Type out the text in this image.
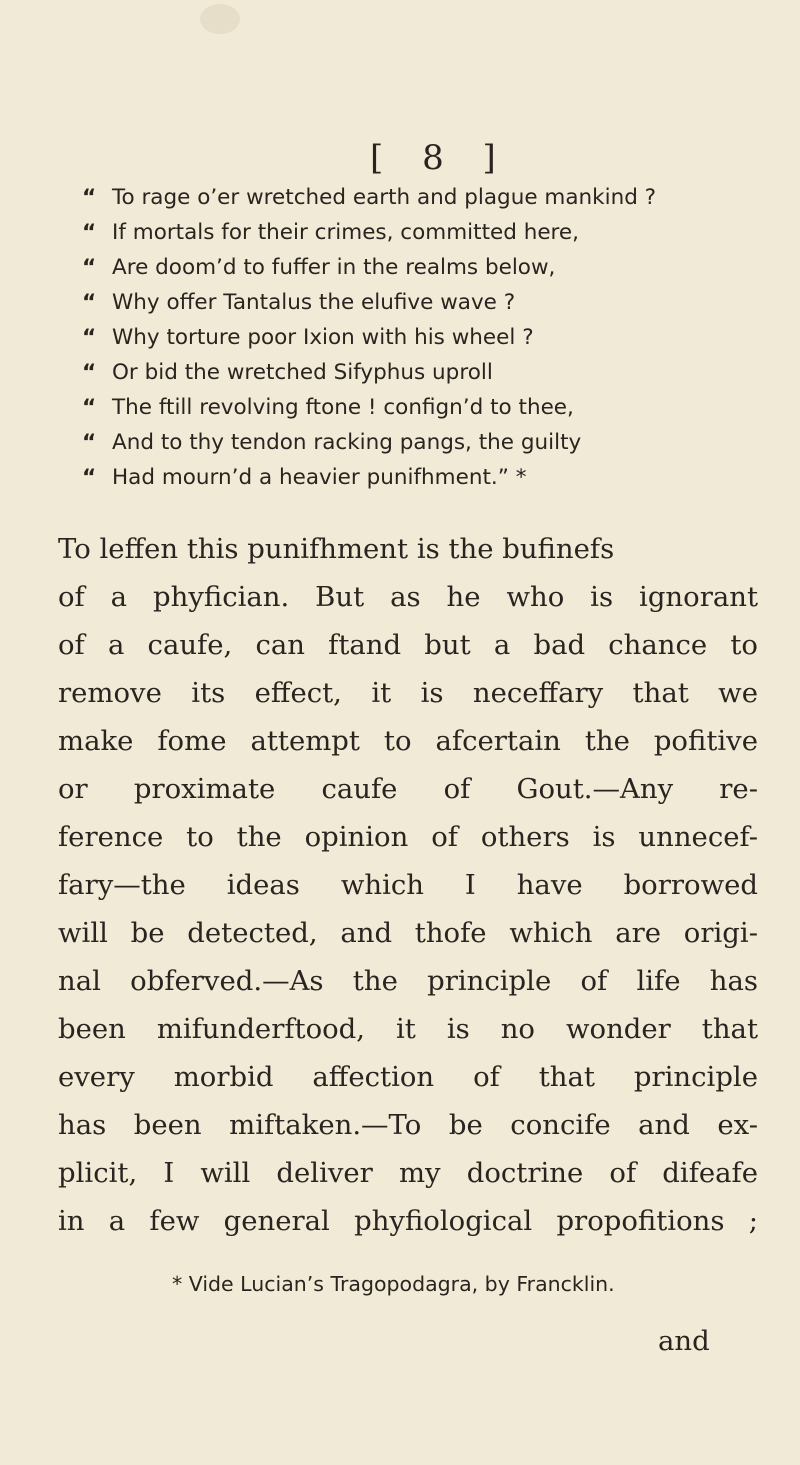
[ 8 ]
“ To rage o’er wretched earth and plague mankind ?
“ If mortals for their crimes, committed here,
“ Are doom’d to fuffer in the realms below,
“ Why offer Tantalus the elufive wave ?
“ Why torture poor Ixion with his wheel ?
“ Or bid the wretched Sifyphus uproll
“ The ftill revolving ftone ! confign’d to thee,
“ And to thy tendon racking pangs, the guilty
“ Had mourn’d a heavier punifhment.” *
To leffen this punifhment is the bufinefs
of a phyfician. But as he who is ignorant
of a caufe, can ftand but a bad chance to
remove its effect, it is neceffary that we
make fome attempt to afcertain the pofitive
or proximate caufe of Gout.—Any re-
ference to the opinion of others is unnecef-
fary—the ideas which I have borrowed
will be detected, and thofe which are origi-
nal obferved.—As the principle of life has
been mifunderftood, it is no wonder that
every morbid affection of that principle
has been miftaken.—To be concife and ex-
plicit, I will deliver my doctrine of difeafe
in a few general phyfiological propofitions ;
* Vide Lucian’s Tragopodagra, by Francklin.
and
